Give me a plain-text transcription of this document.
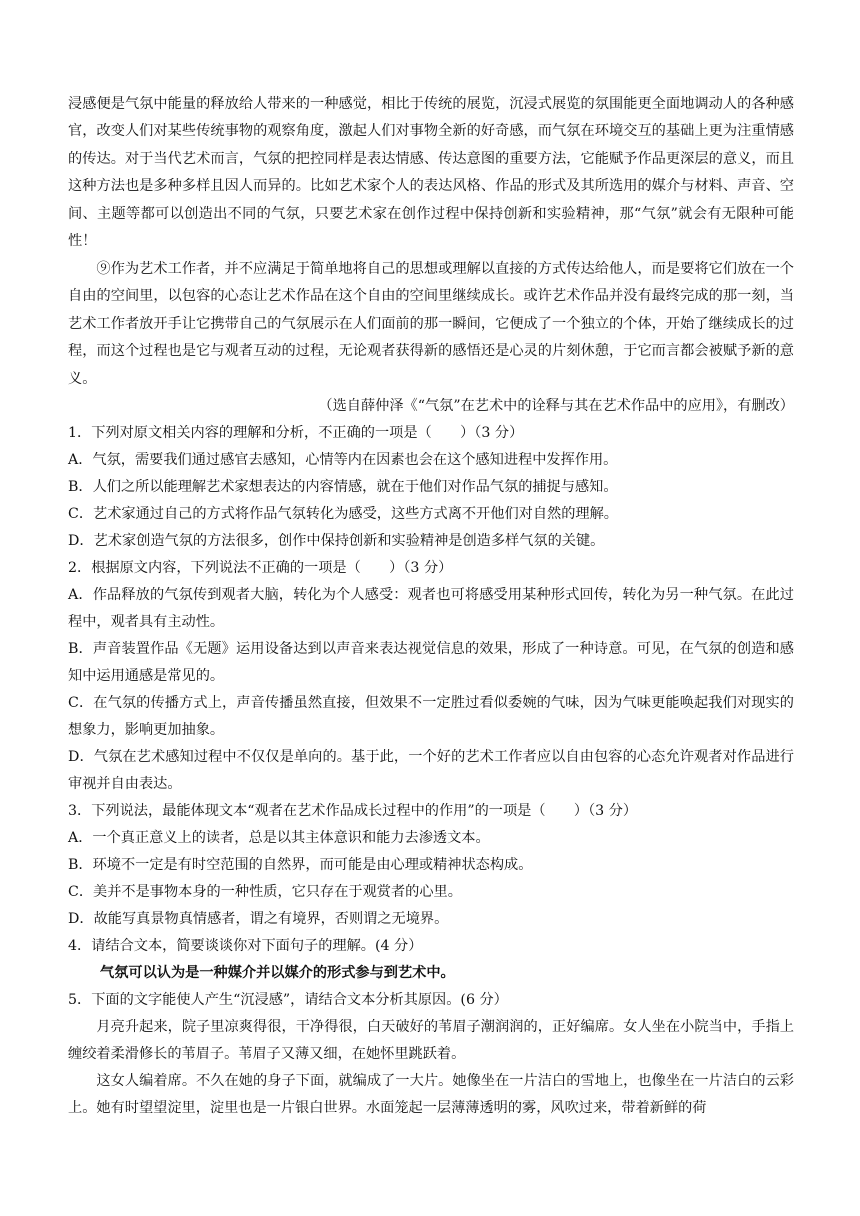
浸感便是气氛中能量的释放给人带来的一种感觉，相比于传统的展览，沉浸式展览的氛围能更全面地调动人的各种感官，改变人们对某些传统事物的观察角度，激起人们对事物全新的好奇感，而气氛在环境交互的基础上更为注重情感的传达。对于当代艺术而言，气氛的把控同样是表达情感、传达意图的重要方法，它能赋予作品更深层的意义，而且这种方法也是多种多样且因人而异的。比如艺术家个人的表达风格、作品的形式及其所选用的媒介与材料、声音、空间、主题等都可以创造出不同的气氛，只要艺术家在创作过程中保持创新和实验精神，那“气氛”就会有无限种可能性！

⑨作为艺术工作者，并不应满足于简单地将自己的思想或理解以直接的方式传达给他人，而是要将它们放在一个自由的空间里，以包容的心态让艺术作品在这个自由的空间里继续成长。或许艺术作品并没有最终完成的那一刻，当艺术工作者放开手让它携带自己的气氛展示在人们面前的那一瞬间，它便成了一个独立的个体，开始了继续成长的过程，而这个过程也是它与观者互动的过程，无论观者获得新的感悟还是心灵的片刻休憩，于它而言都会被赋予新的意义。

（选自薛仲泽《“气氛”在艺术中的诠释与其在艺术作品中的应用》，有删改）

1．下列对原文相关内容的理解和分析，不正确的一项是（　　）（3 分）

A．气氛，需要我们通过感官去感知，心情等内在因素也会在这个感知进程中发挥作用。

B．人们之所以能理解艺术家想表达的内容情感，就在于他们对作品气氛的捕捉与感知。

C．艺术家通过自己的方式将作品气氛转化为感受，这些方式离不开他们对自然的理解。

D．艺术家创造气氛的方法很多，创作中保持创新和实验精神是创造多样气氛的关键。

2．根据原文内容，下列说法不正确的一项是（　　）（3 分）

A．作品释放的气氛传到观者大脑，转化为个人感受：观者也可将感受用某种形式回传，转化为另一种气氛。在此过程中，观者具有主动性。

B．声音装置作品《无题》运用设备达到以声音来表达视觉信息的效果，形成了一种诗意。可见，在气氛的创造和感知中运用通感是常见的。

C．在气氛的传播方式上，声音传播虽然直接，但效果不一定胜过看似委婉的气味，因为气味更能唤起我们对现实的想象力，影响更加抽象。

D．气氛在艺术感知过程中不仅仅是单向的。基于此，一个好的艺术工作者应以自由包容的心态允许观者对作品进行审视并自由表达。

3．下列说法，最能体现文本“观者在艺术作品成长过程中的作用”的一项是（　　）（3 分）

A．一个真正意义上的读者，总是以其主体意识和能力去渗透文本。

B．环境不一定是有时空范围的自然界，而可能是由心理或精神状态构成。

C．美并不是事物本身的一种性质，它只存在于观赏者的心里。

D．故能写真景物真情感者，谓之有境界，否则谓之无境界。

4．请结合文本，简要谈谈你对下面句子的理解。(4 分）

气氛可以认为是一种媒介并以媒介的形式参与到艺术中。

5．下面的文字能使人产生“沉浸感”，请结合文本分析其原因。(6 分）

月亮升起来，院子里凉爽得很，干净得很，白天破好的苇眉子潮润润的，正好编席。女人坐在小院当中，手指上缠绞着柔滑修长的苇眉子。苇眉子又薄又细，在她怀里跳跃着。

这女人编着席。不久在她的身子下面，就编成了一大片。她像坐在一片洁白的雪地上，也像坐在一片洁白的云彩上。她有时望望淀里，淀里也是一片银白世界。水面笼起一层薄薄透明的雾，风吹过来，带着新鲜的荷
